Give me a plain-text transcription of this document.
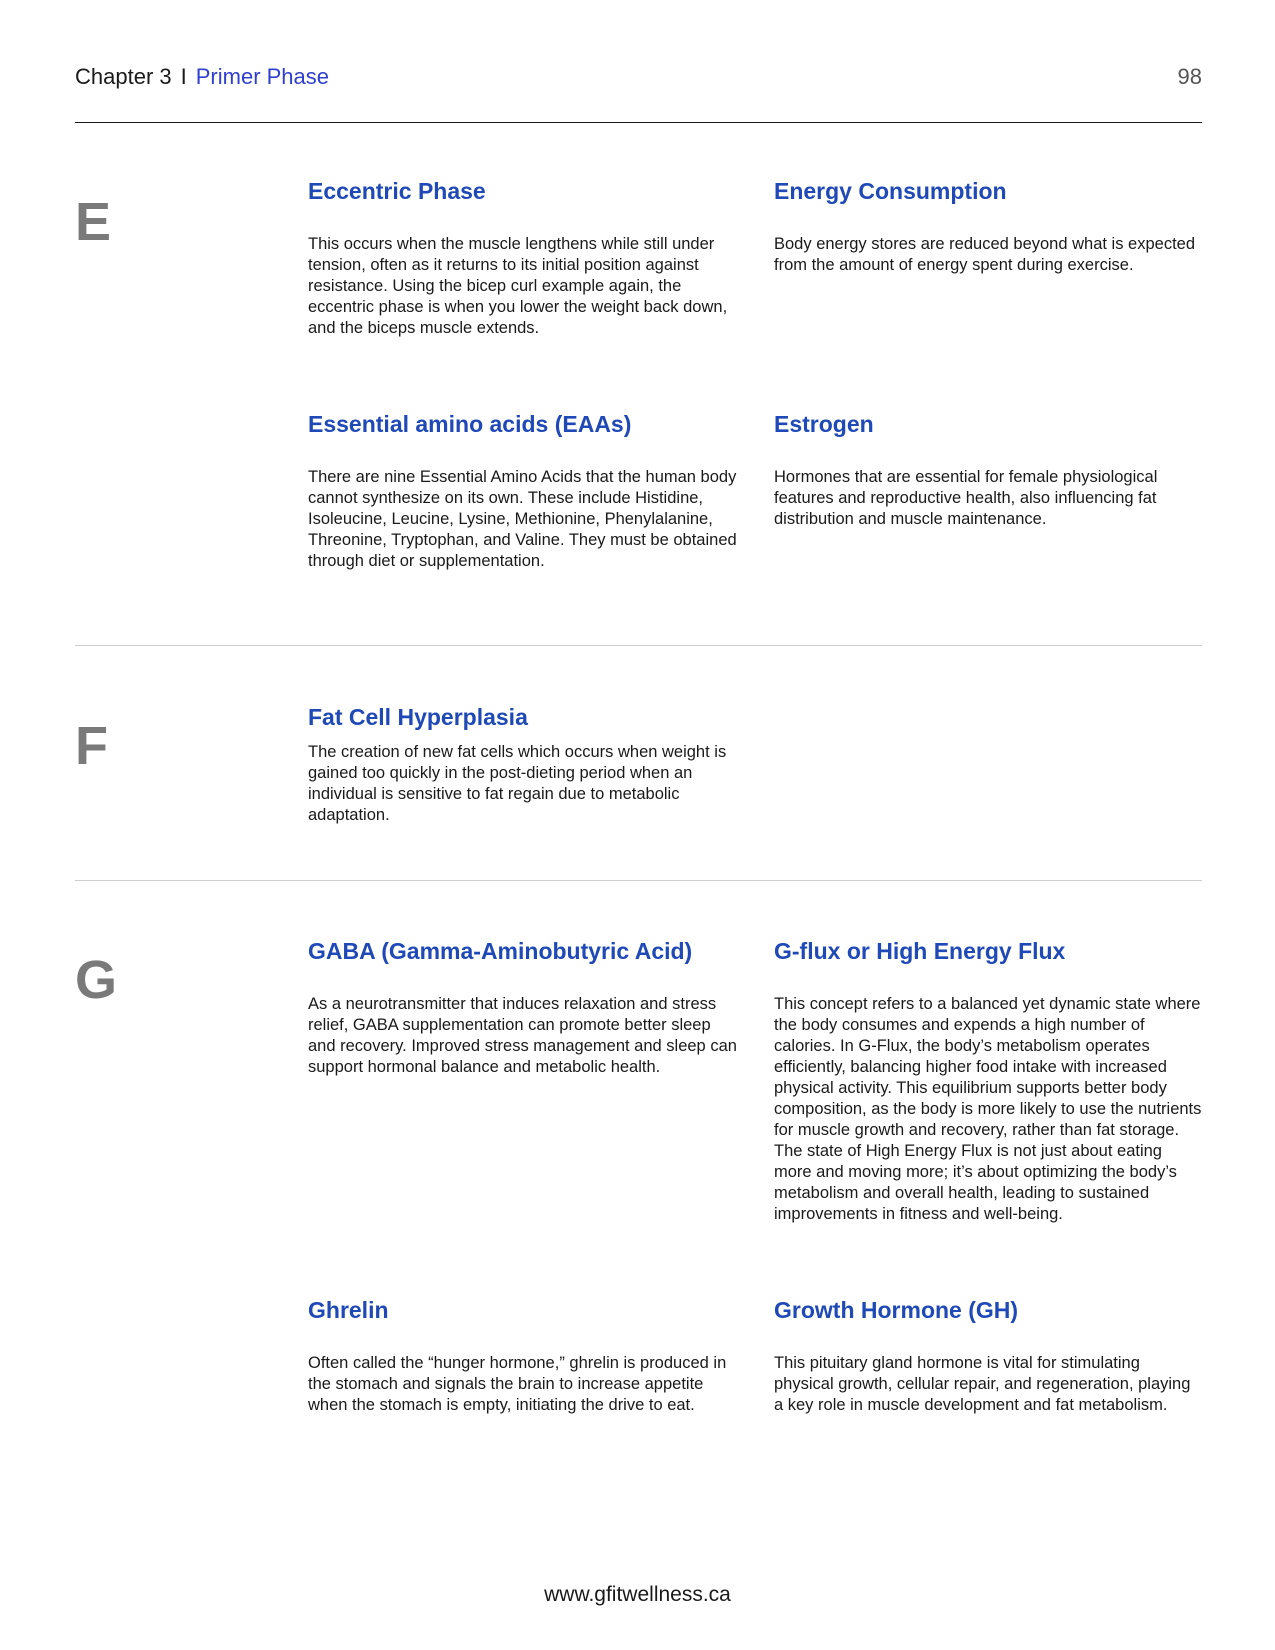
Chapter 3 I Primer Phase	98
E
Eccentric Phase

This occurs when the muscle lengthens while still under tension, often as it returns to its initial position against resistance. Using the bicep curl example again, the eccentric phase is when you lower the weight back down, and the biceps muscle extends.

Energy Consumption

Body energy stores are reduced beyond what is expected from the amount of energy spent during exercise.

Essential amino acids (EAAs)

There are nine Essential Amino Acids that the human body cannot synthesize on its own. These include Histidine, Isoleucine, Leucine, Lysine, Methionine, Phenylalanine, Threonine, Tryptophan, and Valine. They must be obtained through diet or supplementation.

Estrogen

Hormones that are essential for female physiological features and reproductive health, also influencing fat distribution and muscle maintenance.

F	Fat Cell Hyperplasia

The creation of new fat cells which occurs when weight is gained too quickly in the post-dieting period when an individual is sensitive to fat regain due to metabolic adaptation.

G	GABA (Gamma-Aminobutyric Acid)

As a neurotransmitter that induces relaxation and stress relief, GABA supplementation can promote better sleep and recovery. Improved stress management and sleep can support hormonal balance and metabolic health.

G-flux or High Energy Flux

This concept refers to a balanced yet dynamic state where the body consumes and expends a high number of calories. In G-Flux, the body’s metabolism operates efficiently, balancing higher food intake with increased physical activity. This equilibrium supports better body composition, as the body is more likely to use the nutrients for muscle growth and recovery, rather than fat storage. The state of High Energy Flux is not just about eating more and moving more; it’s about optimizing the body’s metabolism and overall health, leading to sustained improvements in fitness and well-being.

Ghrelin

Often called the “hunger hormone,” ghrelin is produced in the stomach and signals the brain to increase appetite when the stomach is empty, initiating the drive to eat.

Growth Hormone (GH)

This pituitary gland hormone is vital for stimulating physical growth, cellular repair, and regeneration, playing a key role in muscle development and fat metabolism.

www.gfitwellness.ca
